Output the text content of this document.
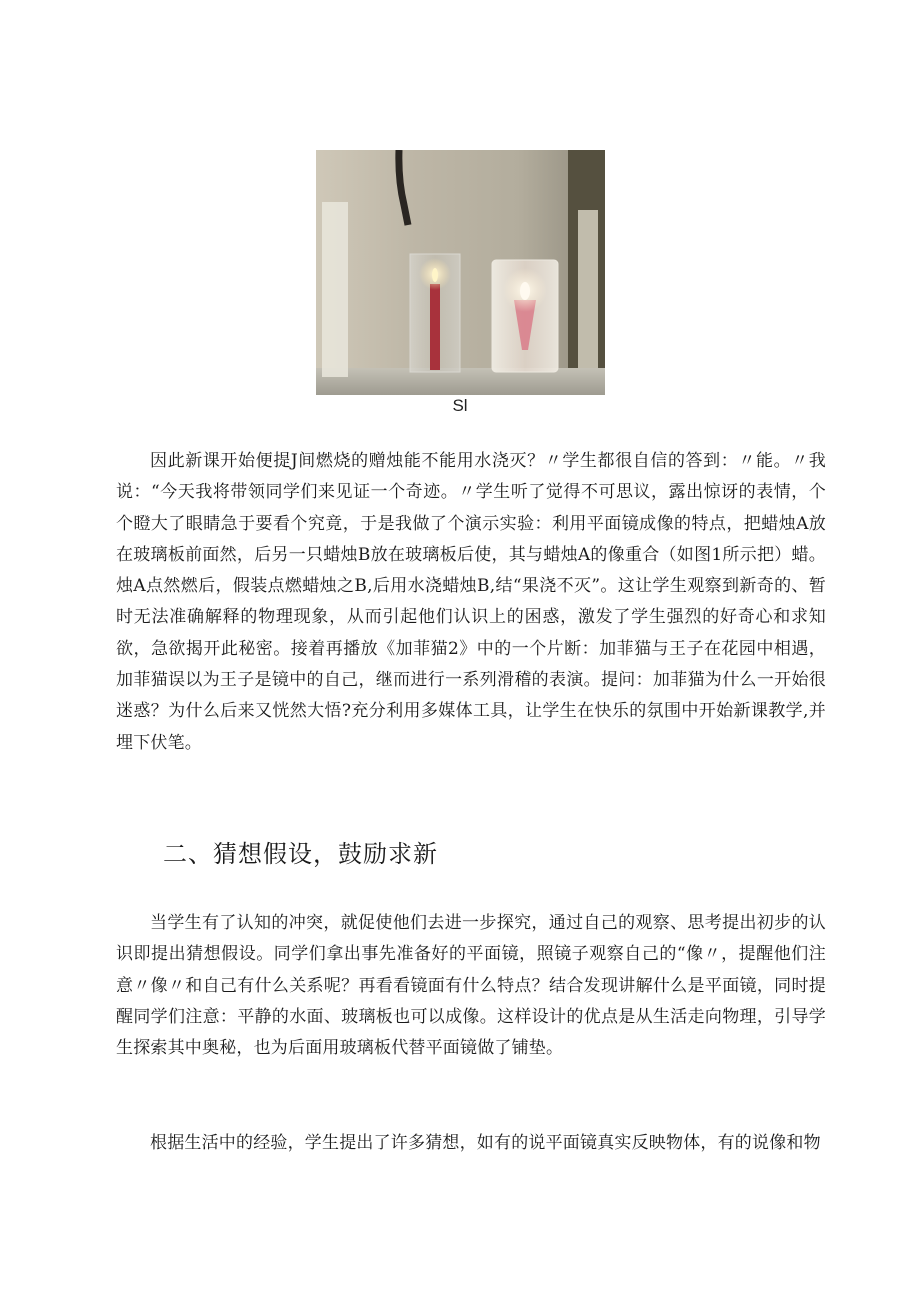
Sl

因此新课开始便提J间燃烧的赠烛能不能用水浇灭？〃学生都很自信的答到：〃能。〃我说：“今天我将带领同学们来见证一个奇迹。〃学生听了觉得不可思议，露出惊讶的表情，个个瞪大了眼睛急于要看个究竟，于是我做了个演示实验：利用平面镜成像的特点，把蜡烛A放在玻璃板前面然，后另一只蜡烛B放在玻璃板后使，其与蜡烛A的像重合（如图1所示把）蜡。烛A点然燃后，假装点燃蜡烛之B,后用水浇蜡烛B,结“果浇不灭”。这让学生观察到新奇的、暂时无法准确解释的物理现象，从而引起他们认识上的困惑，激发了学生强烈的好奇心和求知欲，急欲揭开此秘密。接着再播放《加菲猫2》中的一个片断：加菲猫与王子在花园中相遇，加菲猫误以为王子是镜中的自己，继而进行一系列滑稽的表演。提问：加菲猫为什么一开始很迷惑？为什么后来又恍然大悟?充分利用多媒体工具，让学生在快乐的氛围中开始新课教学,并埋下伏笔。

二、猜想假设，鼓励求新

当学生有了认知的冲突，就促使他们去进一步探究，通过自己的观察、思考提出初步的认识即提出猜想假设。同学们拿出事先准备好的平面镜，照镜子观察自己的“像〃，提醒他们注意〃像〃和自己有什么关系呢？再看看镜面有什么特点？结合发现讲解什么是平面镜，同时提醒同学们注意：平静的水面、玻璃板也可以成像。这样设计的优点是从生活走向物理，引导学生探索其中奥秘，也为后面用玻璃板代替平面镜做了铺垫。

根据生活中的经验，学生提出了许多猜想，如有的说平面镜真实反映物体，有的说像和物
